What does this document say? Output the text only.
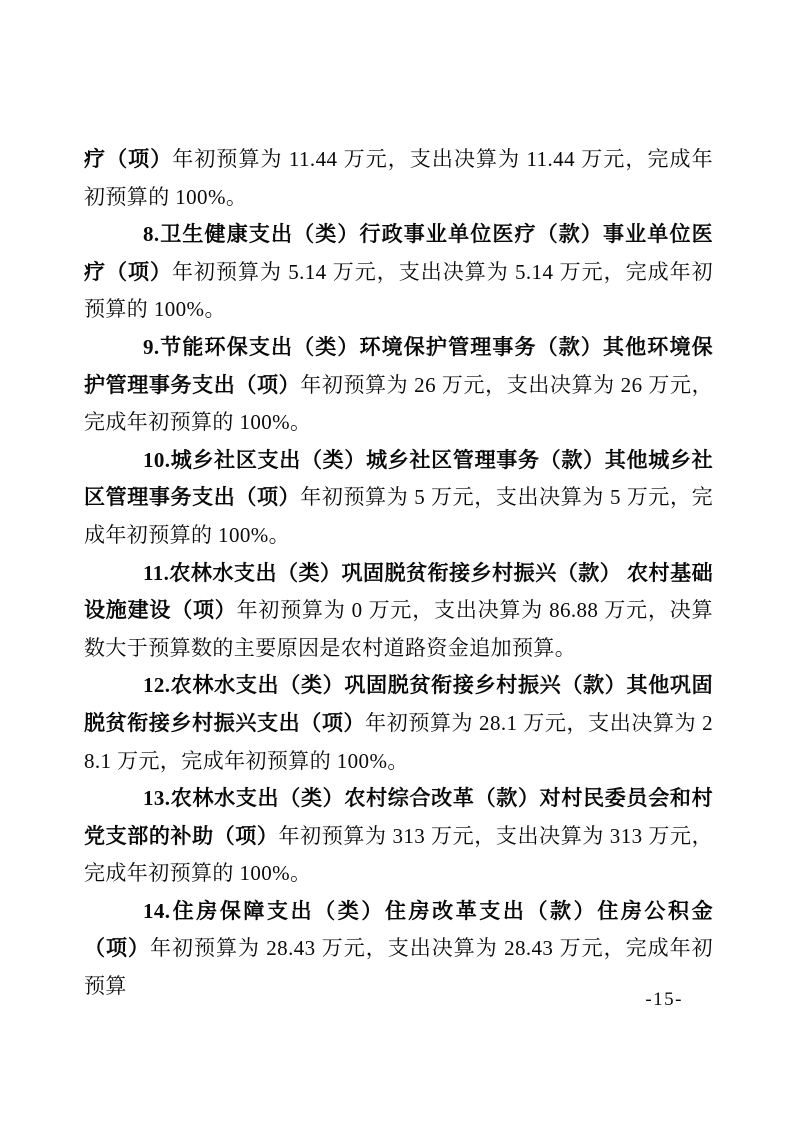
疗（项）年初预算为 11.44 万元，支出决算为 11.44 万元，完成年初预算的 100%。

8.卫生健康支出（类）行政事业单位医疗（款）事业单位医疗（项）年初预算为 5.14 万元，支出决算为 5.14 万元，完成年初预算的 100%。

9.节能环保支出（类）环境保护管理事务（款）其他环境保护管理事务支出（项）年初预算为 26 万元，支出决算为 26 万元，完成年初预算的 100%。

10.城乡社区支出（类）城乡社区管理事务（款）其他城乡社区管理事务支出（项）年初预算为 5 万元，支出决算为 5 万元，完成年初预算的 100%。

11.农林水支出（类）巩固脱贫衔接乡村振兴（款） 农村基础设施建设（项）年初预算为 0 万元，支出决算为 86.88 万元，决算数大于预算数的主要原因是农村道路资金追加预算。

12.农林水支出（类）巩固脱贫衔接乡村振兴（款）其他巩固脱贫衔接乡村振兴支出（项）年初预算为 28.1 万元，支出决算为 28.1 万元，完成年初预算的 100%。

13.农林水支出（类）农村综合改革（款）对村民委员会和村党支部的补助（项）年初预算为 313 万元，支出决算为 313 万元，完成年初预算的 100%。

14.住房保障支出（类）住房改革支出（款）住房公积金（项）年初预算为 28.43 万元，支出决算为 28.43 万元，完成年初预算

-15-
